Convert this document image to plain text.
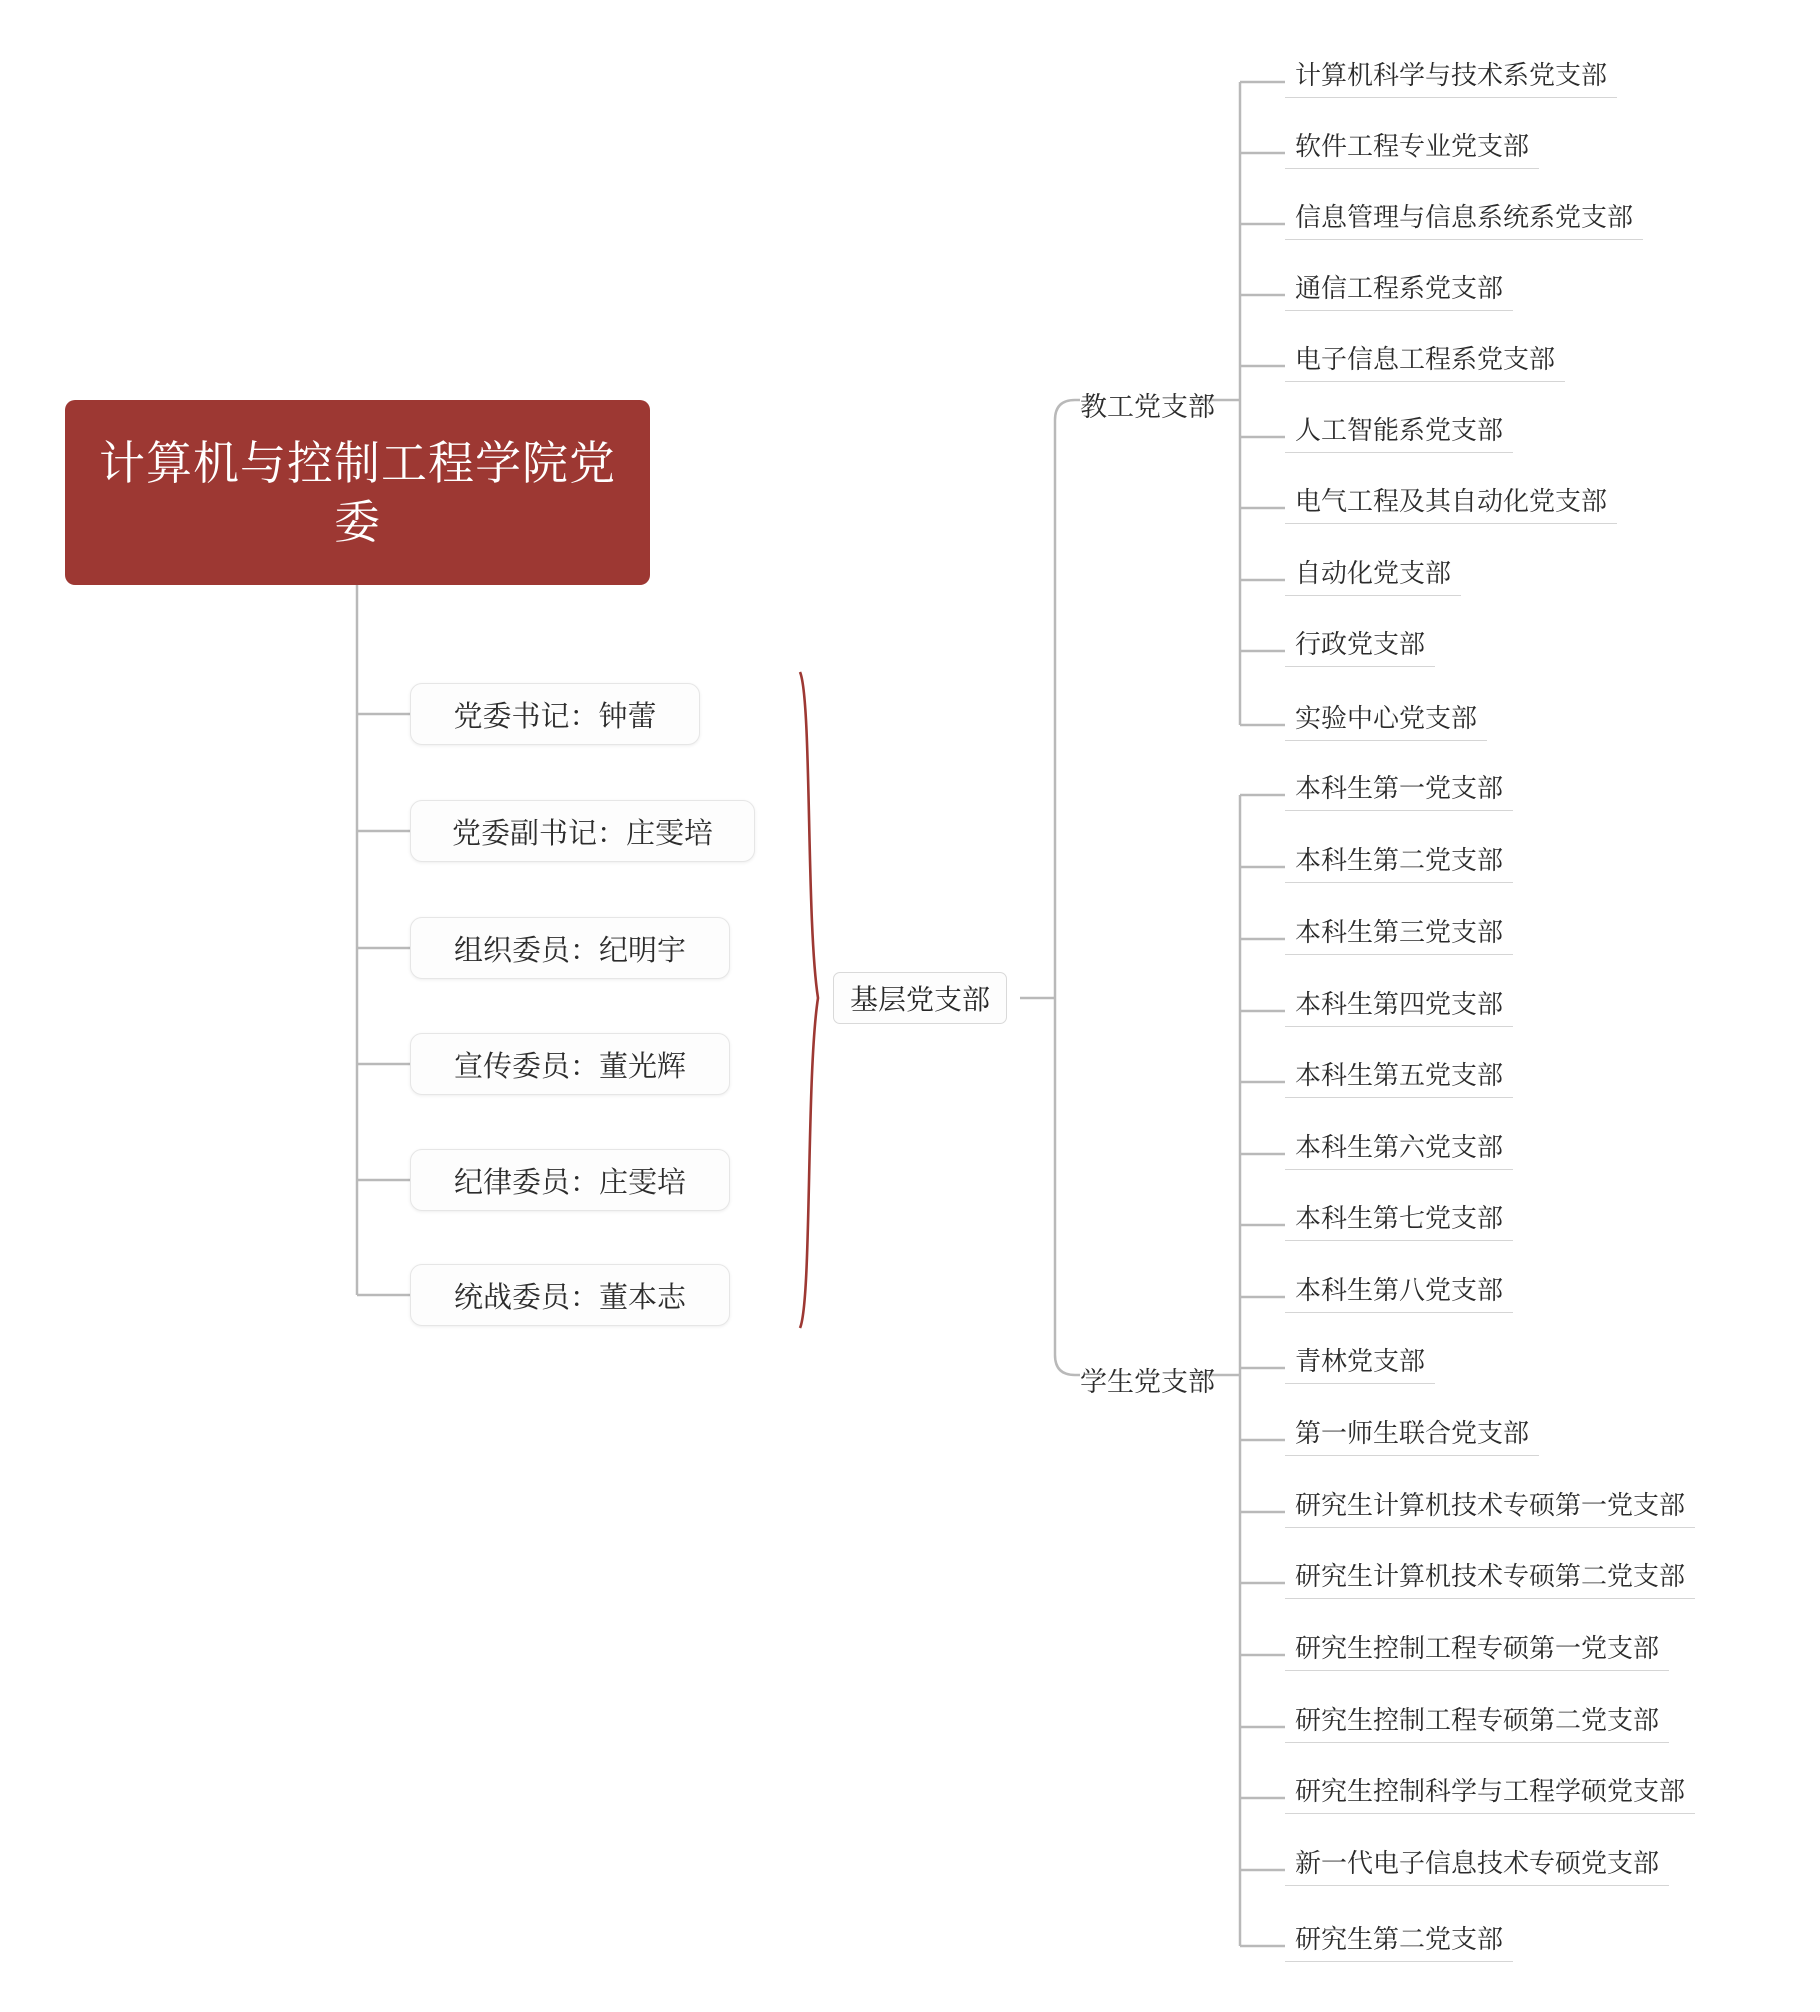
计算机与控制工程学院党委
党委书记：钟蕾
党委副书记：庄雯培
组织委员：纪明宇
宣传委员：董光辉
纪律委员：庄雯培
统战委员：董本志
基层党支部
教工党支部
学生党支部
计算机科学与技术系党支部
软件工程专业党支部
信息管理与信息系统系党支部
通信工程系党支部
电子信息工程系党支部
人工智能系党支部
电气工程及其自动化党支部
自动化党支部
行政党支部
实验中心党支部
本科生第一党支部
本科生第二党支部
本科生第三党支部
本科生第四党支部
本科生第五党支部
本科生第六党支部
本科生第七党支部
本科生第八党支部
青林党支部
第一师生联合党支部
研究生计算机技术专硕第一党支部
研究生计算机技术专硕第二党支部
研究生控制工程专硕第一党支部
研究生控制工程专硕第二党支部
研究生控制科学与工程学硕党支部
新一代电子信息技术专硕党支部
研究生第二党支部
